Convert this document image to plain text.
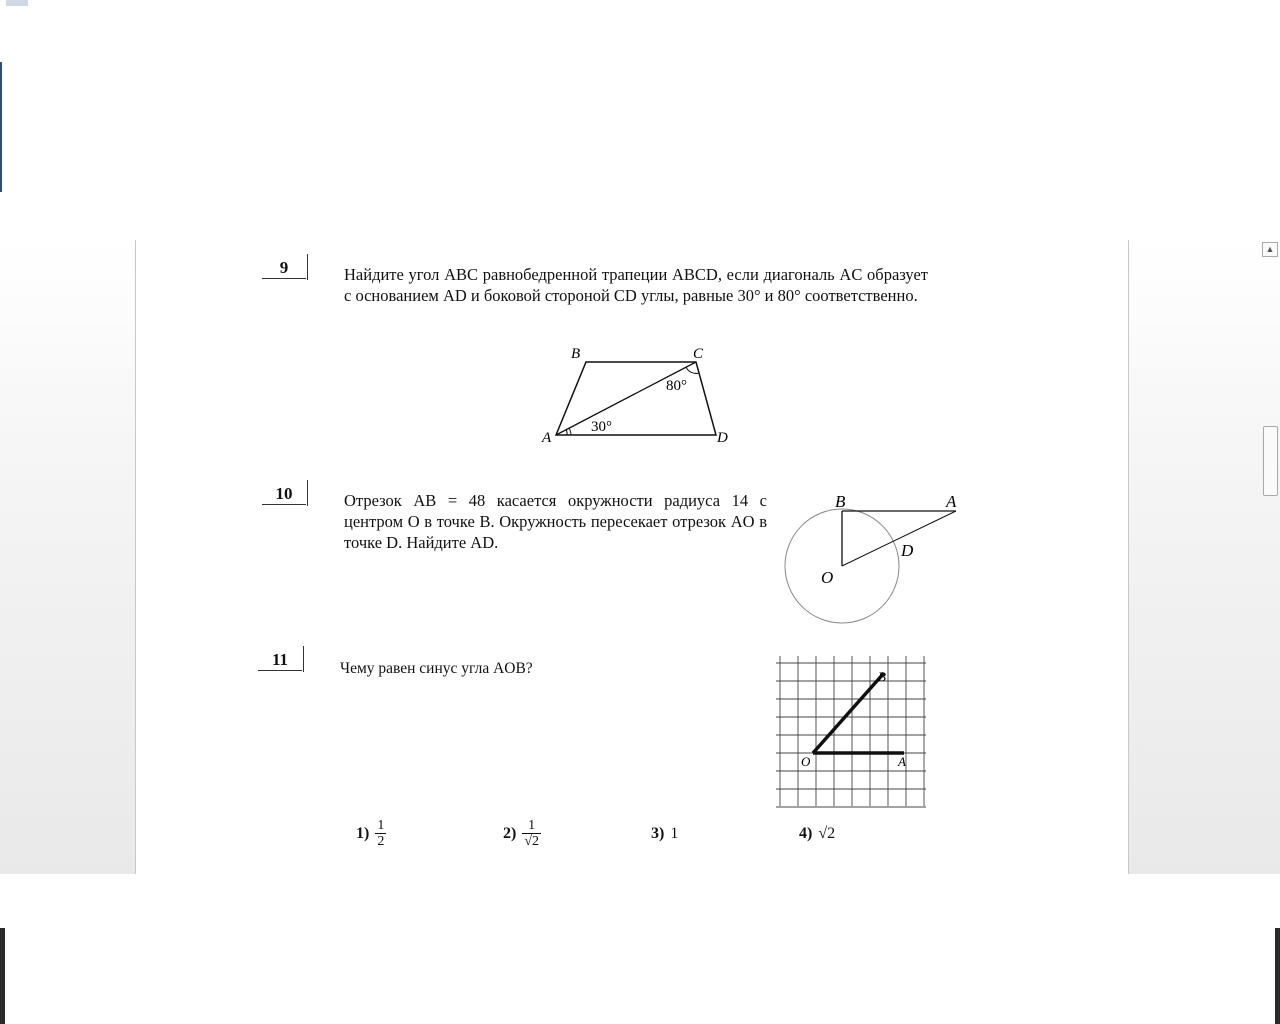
9	Найдите угол ABC равнобедренной трапеции ABCD, если диагональ AC образует с основанием AD и боковой стороной CD углы, равные 30° и 80° соответственно.
B	C
A	D
30°
80°
10	Отрезок AB = 48 касается окружности радиуса 14 с центром O в точке B. Окружность пересекает отрезок AO в точке D. Найдите AD.
B	A
D
O
11	Чему равен синус угла AOB?	B
O	A
$1) \frac{1}{2}$	$2) \frac{1}{√2}$	3) 1	4) √2
▲
